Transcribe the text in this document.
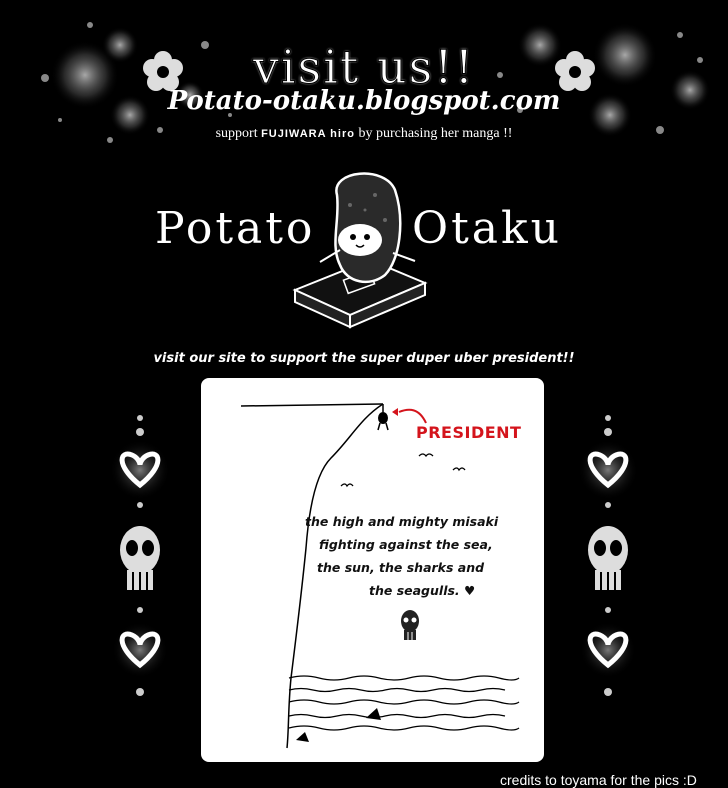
visit us!!
Potato-otaku.blogspot.com
support FUJIWARA hiro by purchasing her manga !!
Potato Otaku
visit our site to support the super duper uber president!!
PRESIDENT
the high and mighty misaki
fighting against the sea,
the sun, the sharks and
the seagulls. ♥
credits to toyama for the pics :D
